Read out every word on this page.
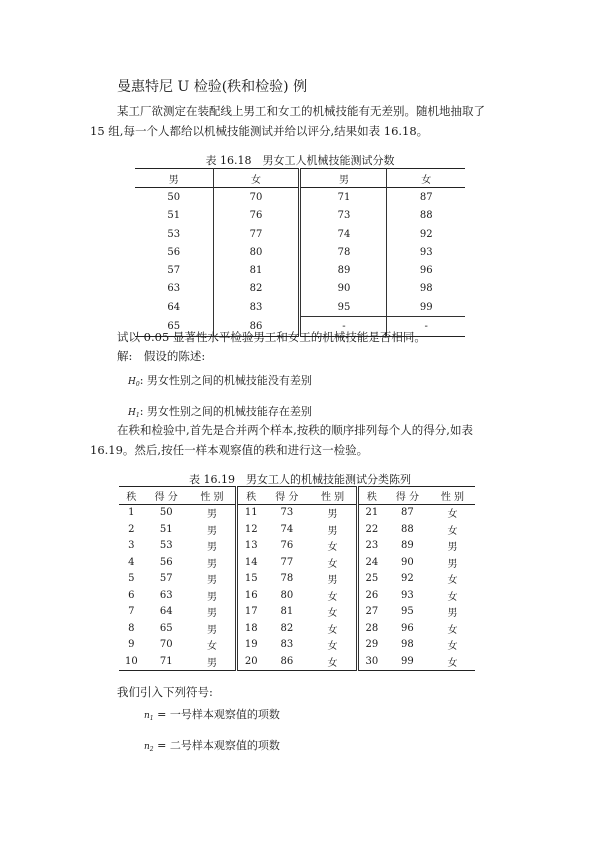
曼惠特尼 U 检验(秩和检验) 例
某工厂欲测定在装配线上男工和女工的机械技能有无差别。随机地抽取了 15 组,每一个人都给以机械技能测试并给以评分,结果如表 16.18。
表 16.18　男女工人机械技能测试分数
男	女	男	女
50	70	71	87
51	76	73	88
53	77	74	92
56	80	78	93
57	81	89	96
63	82	90	98
64	83	95	99
65	86	-	-
试以 0.05 显著性水平检验男工和女工的机械技能是否相同。
解:　假设的陈述:
$H_0$: 男女性别之间的机械技能没有差别
$H_1$: 男女性别之间的机械技能存在差别
在秩和检验中,首先是合并两个样本,按秩的顺序排列每个人的得分,如表 16.19。然后,按任一样本观察值的秩和进行这一检验。
表 16.19　男女工人的机械技能测试分类陈列
秩	得 分	性 别	秩	得 分	性 别	秩	得 分	性 别
1	50	男	11	73	男	21	87	女
2	51	男	12	74	男	22	88	女
3	53	男	13	76	女	23	89	男
4	56	男	14	77	女	24	90	男
5	57	男	15	78	男	25	92	女
6	63	男	16	80	女	26	93	女
7	64	男	17	81	女	27	95	男
8	65	男	18	82	女	28	96	女
9	70	女	19	83	女	29	98	女
10	71	男	20	86	女	30	99	女
我们引入下列符号:
$n_1$ = 一号样本观察值的项数
$n_2$ = 二号样本观察值的项数
